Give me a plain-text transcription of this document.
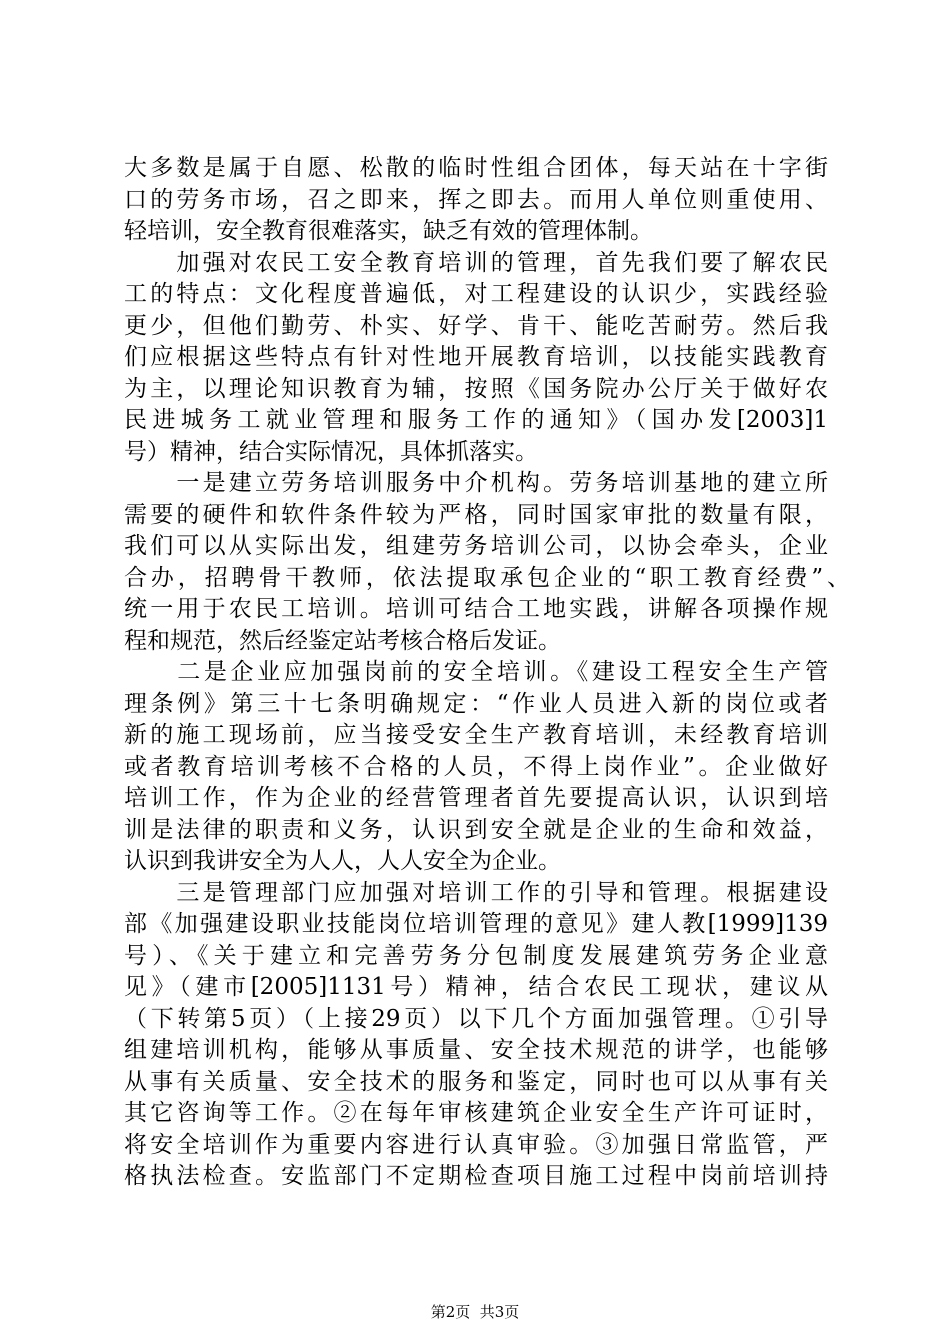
大多数是属于自愿、松散的临时性组合团体，每天站在十字街
口的劳务市场，召之即来，挥之即去。而用人单位则重使用、
轻培训，安全教育很难落实，缺乏有效的管理体制。
　　加强对农民工安全教育培训的管理，首先我们要了解农民
工的特点：文化程度普遍低，对工程建设的认识少，实践经验
更少，但他们勤劳、朴实、好学、肯干、能吃苦耐劳。然后我
们应根据这些特点有针对性地开展教育培训，以技能实践教育
为主，以理论知识教育为辅，按照《国务院办公厅关于做好农
民进城务工就业管理和服务工作的通知》（国办发[2003]1
号）精神，结合实际情况，具体抓落实。
　　一是建立劳务培训服务中介机构。劳务培训基地的建立所
需要的硬件和软件条件较为严格，同时国家审批的数量有限，
我们可以从实际出发，组建劳务培训公司，以协会牵头，企业
合办，招聘骨干教师，依法提取承包企业的“职工教育经费”、
统一用于农民工培训。培训可结合工地实践，讲解各项操作规
程和规范，然后经鉴定站考核合格后发证。
　　二是企业应加强岗前的安全培训。《建设工程安全生产管
理条例》第三十七条明确规定：“作业人员进入新的岗位或者
新的施工现场前，应当接受安全生产教育培训，未经教育培训
或者教育培训考核不合格的人员，不得上岗作业”。企业做好
培训工作，作为企业的经营管理者首先要提高认识，认识到培
训是法律的职责和义务，认识到安全就是企业的生命和效益，
认识到我讲安全为人人，人人安全为企业。
　　三是管理部门应加强对培训工作的引导和管理。根据建设
部《加强建设职业技能岗位培训管理的意见》建人教[1999]139
号）、《关于建立和完善劳务分包制度发展建筑劳务企业意
见》（建市[2005]1131号）精神，结合农民工现状，建议从
（下转第5页）（上接29页）以下几个方面加强管理。①引导
组建培训机构，能够从事质量、安全技术规范的讲学，也能够
从事有关质量、安全技术的服务和鉴定，同时也可以从事有关
其它咨询等工作。②在每年审核建筑企业安全生产许可证时，
将安全培训作为重要内容进行认真审验。③加强日常监管，严
格执法检查。安监部门不定期检查项目施工过程中岗前培训持
第2页  共3页
